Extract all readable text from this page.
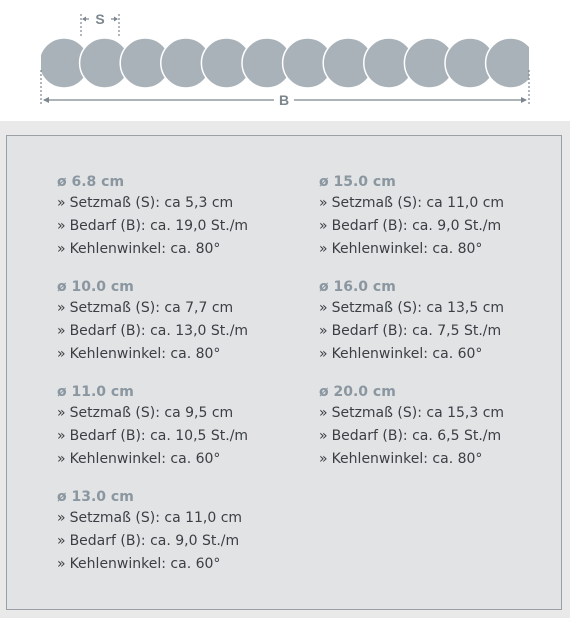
S
B
ø 6.8 cm
» Setzmaß (S): ca 5,3 cm
» Bedarf (B): ca. 19,0 St./m
» Kehlenwinkel: ca. 80°
ø 10.0 cm
» Setzmaß (S): ca 7,7 cm
» Bedarf (B): ca. 13,0 St./m
» Kehlenwinkel: ca. 80°
ø 11.0 cm
» Setzmaß (S): ca 9,5 cm
» Bedarf (B): ca. 10,5 St./m
» Kehlenwinkel: ca. 60°
ø 13.0 cm
» Setzmaß (S): ca 11,0 cm
» Bedarf (B): ca. 9,0 St./m
» Kehlenwinkel: ca. 60°
ø 15.0 cm
» Setzmaß (S): ca 11,0 cm
» Bedarf (B): ca. 9,0 St./m
» Kehlenwinkel: ca. 80°
ø 16.0 cm
» Setzmaß (S): ca 13,5 cm
» Bedarf (B): ca. 7,5 St./m
» Kehlenwinkel: ca. 60°
ø 20.0 cm
» Setzmaß (S): ca 15,3 cm
» Bedarf (B): ca. 6,5 St./m
» Kehlenwinkel: ca. 80°
